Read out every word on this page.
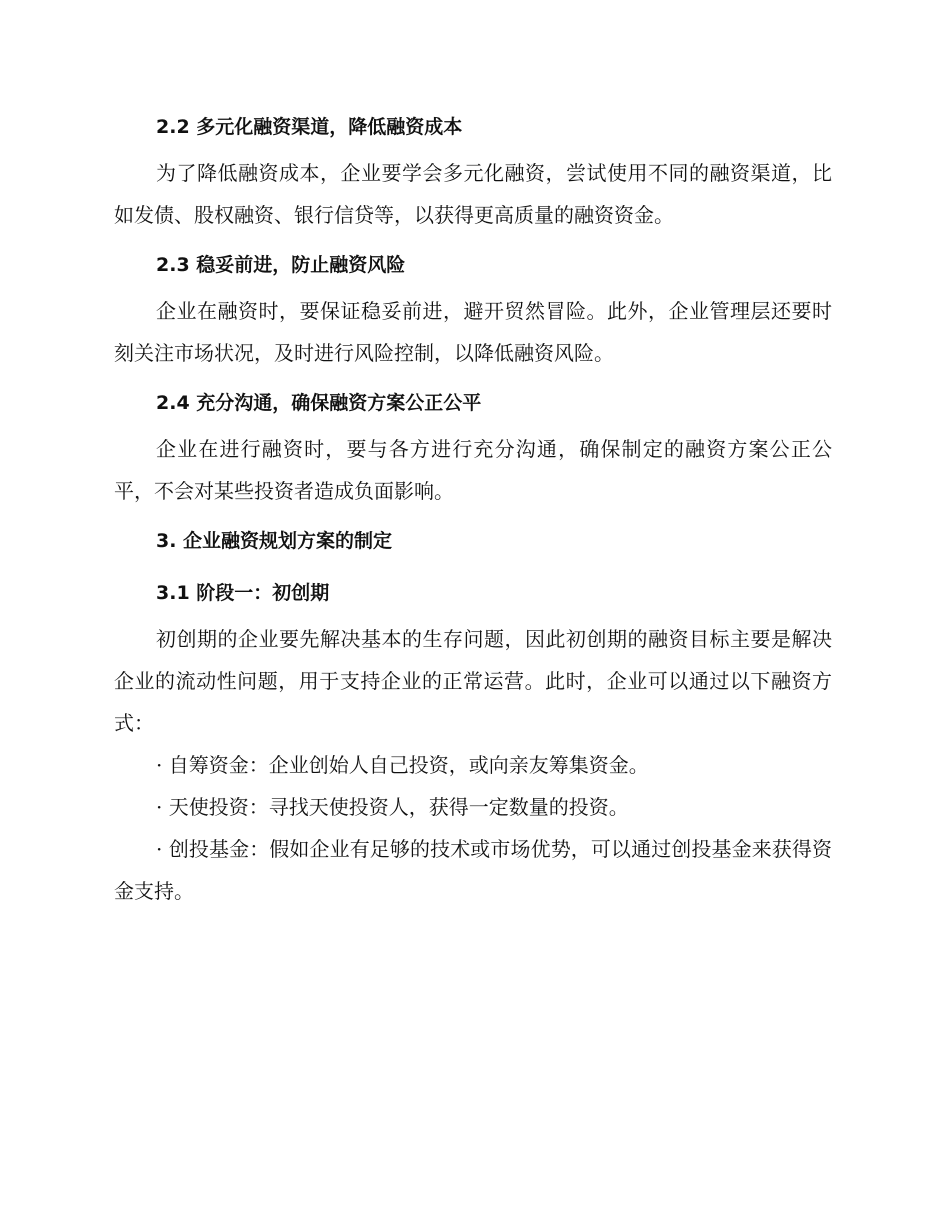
2.2 多元化融资渠道，降低融资成本

为了降低融资成本，企业要学会多元化融资，尝试使用不同的融资渠道，比如发债、股权融资、银行信贷等，以获得更高质量的融资资金。

2.3 稳妥前进，防止融资风险

企业在融资时，要保证稳妥前进，避开贸然冒险。此外，企业管理层还要时刻关注市场状况，及时进行风险控制，以降低融资风险。

2.4 充分沟通，确保融资方案公正公平

企业在进行融资时，要与各方进行充分沟通，确保制定的融资方案公正公平，不会对某些投资者造成负面影响。

3. 企业融资规划方案的制定
3.1 阶段一：初创期

初创期的企业要先解决基本的生存问题，因此初创期的融资目标主要是解决企业的流动性问题，用于支持企业的正常运营。此时，企业可以通过以下融资方式：

· 自筹资金：企业创始人自己投资，或向亲友筹集资金。

· 天使投资：寻找天使投资人，获得一定数量的投资。

· 创投基金：假如企业有足够的技术或市场优势，可以通过创投基金来获得资金支持。
